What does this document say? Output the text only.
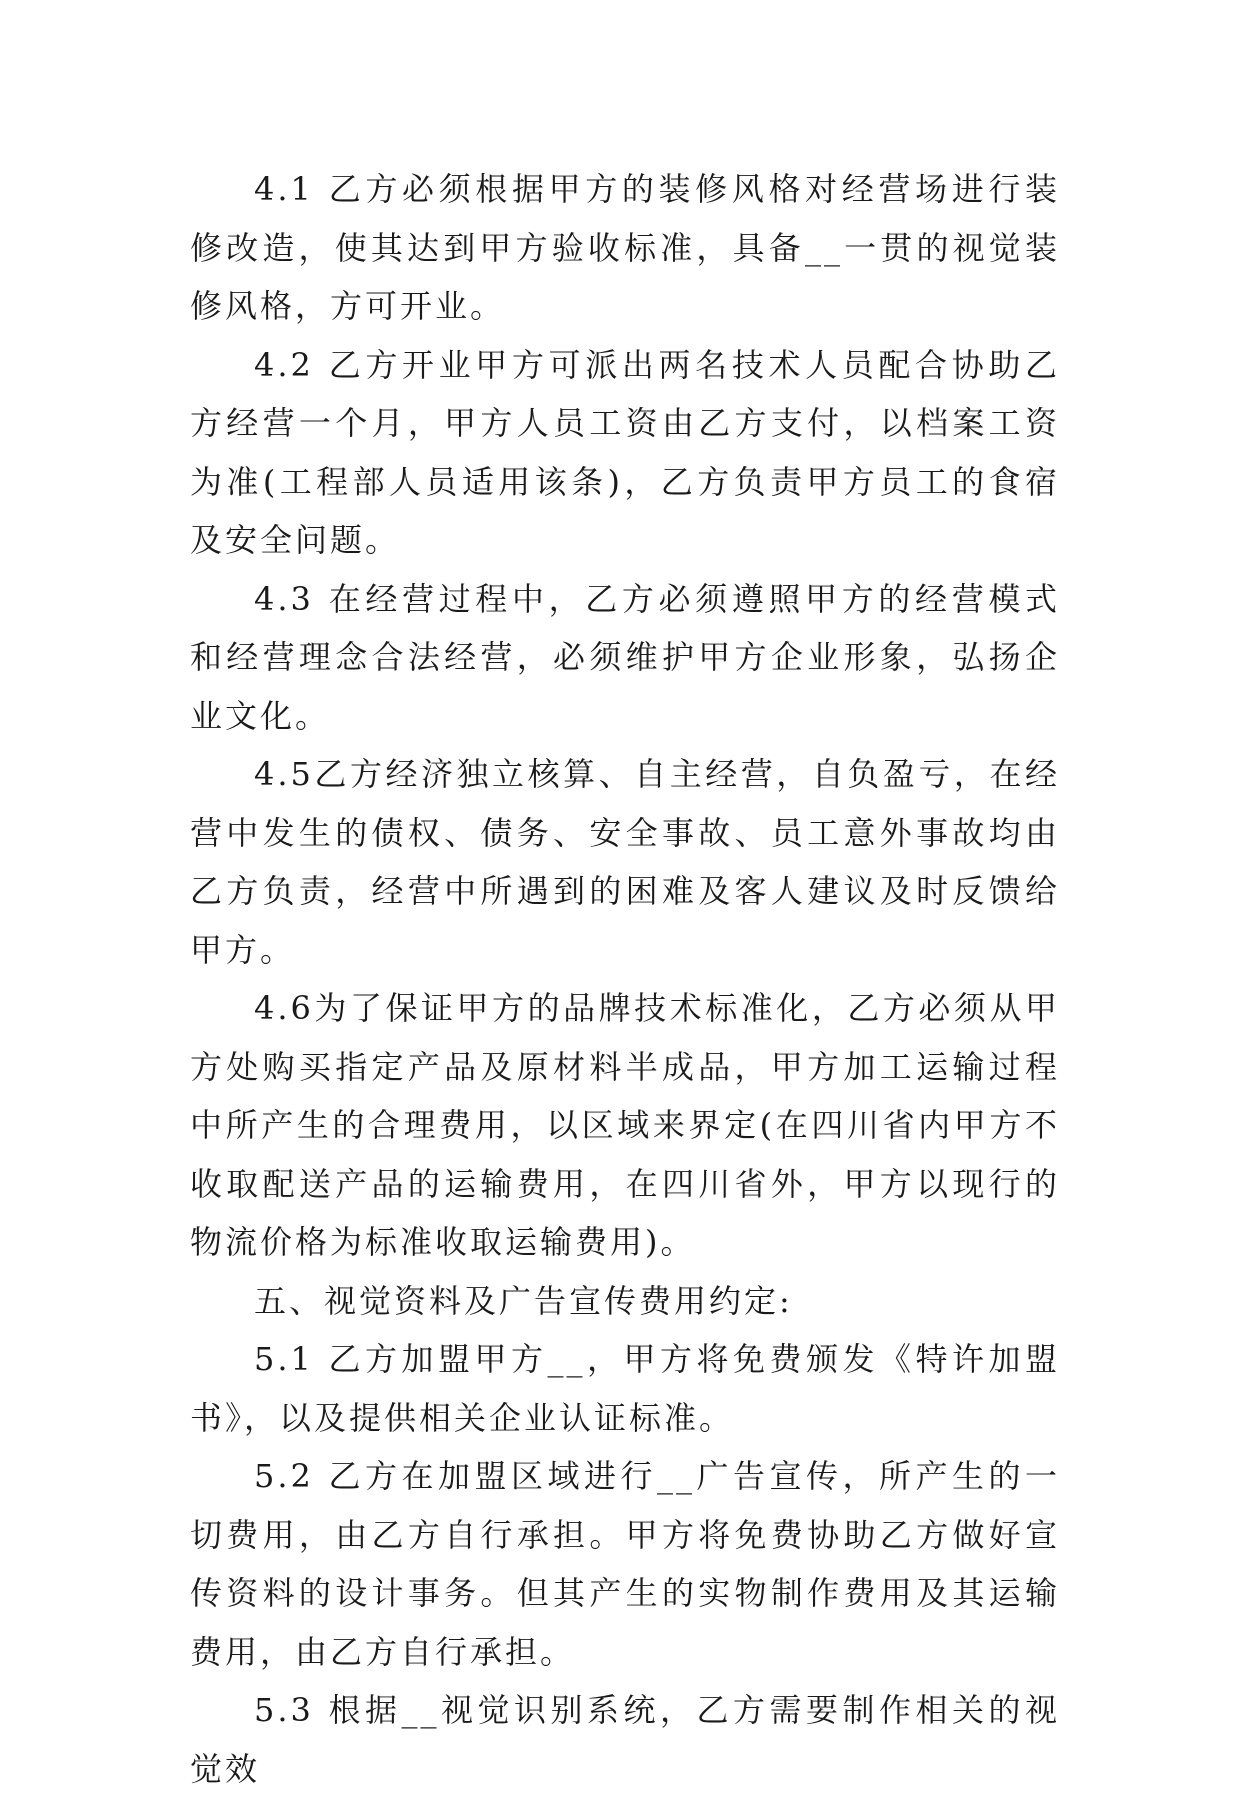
4.1 乙方必须根据甲方的装修风格对经营场进行装修改造，使其达到甲方验收标准，具备__一贯的视觉装修风格，方可开业。

4.2 乙方开业甲方可派出两名技术人员配合协助乙方经营一个月，甲方人员工资由乙方支付，以档案工资为准(工程部人员适用该条)，乙方负责甲方员工的食宿及安全问题。

4.3 在经营过程中，乙方必须遵照甲方的经营模式和经营理念合法经营，必须维护甲方企业形象，弘扬企业文化。

4.5乙方经济独立核算、自主经营，自负盈亏，在经营中发生的债权、债务、安全事故、员工意外事故均由乙方负责，经营中所遇到的困难及客人建议及时反馈给甲方。

4.6为了保证甲方的品牌技术标准化，乙方必须从甲方处购买指定产品及原材料半成品，甲方加工运输过程中所产生的合理费用，以区域来界定(在四川省内甲方不收取配送产品的运输费用，在四川省外，甲方以现行的物流价格为标准收取运输费用)。

五、视觉资料及广告宣传费用约定:

5.1 乙方加盟甲方__，甲方将免费颁发《特许加盟书》，以及提供相关企业认证标准。

5.2 乙方在加盟区域进行__广告宣传，所产生的一切费用，由乙方自行承担。甲方将免费协助乙方做好宣传资料的设计事务。但其产生的实物制作费用及其运输费用，由乙方自行承担。

5.3 根据__视觉识别系统，乙方需要制作相关的视觉效
